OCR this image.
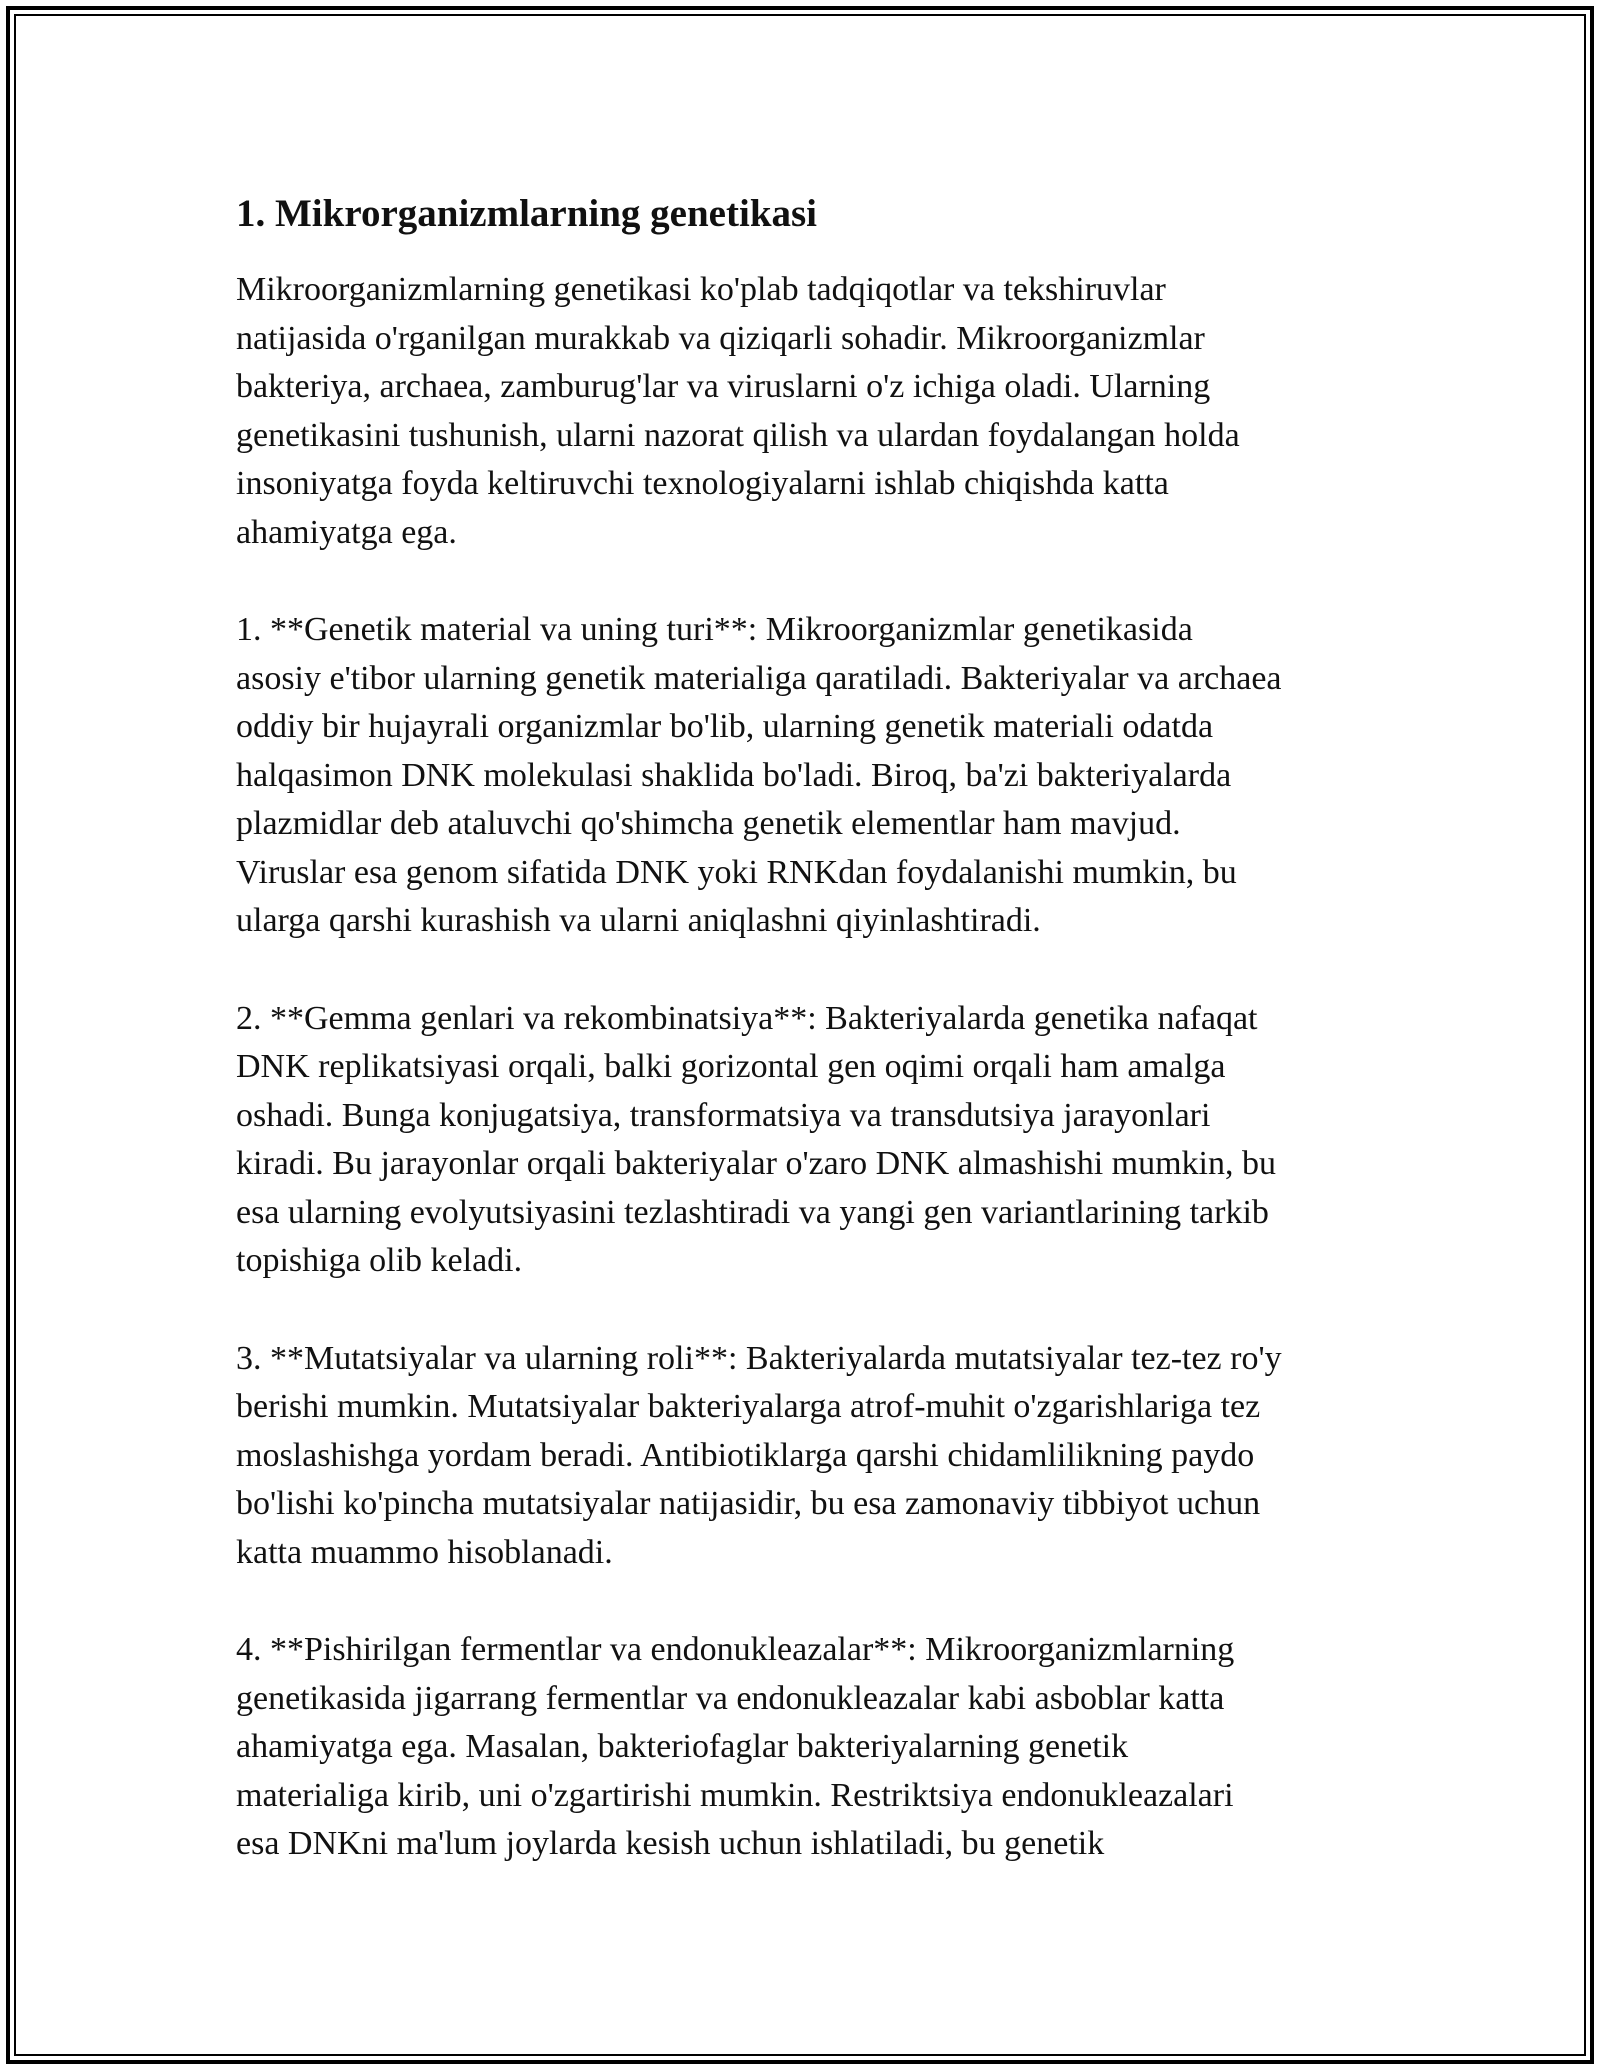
1. Mikrorganizmlarning genetikasi

Mikroorganizmlarning genetikasi ko'plab tadqiqotlar va tekshiruvlar
natijasida o'rganilgan murakkab va qiziqarli sohadir. Mikroorganizmlar
bakteriya, archaea, zamburug'lar va viruslarni o'z ichiga oladi. Ularning
genetikasini tushunish, ularni nazorat qilish va ulardan foydalangan holda
insoniyatga foyda keltiruvchi texnologiyalarni ishlab chiqishda katta
ahamiyatga ega.

1. **Genetik material va uning turi**: Mikroorganizmlar genetikasida
asosiy e'tibor ularning genetik materialiga qaratiladi. Bakteriyalar va archaea
oddiy bir hujayrali organizmlar bo'lib, ularning genetik materiali odatda
halqasimon DNK molekulasi shaklida bo'ladi. Biroq, ba'zi bakteriyalarda
plazmidlar deb ataluvchi qo'shimcha genetik elementlar ham mavjud.
Viruslar esa genom sifatida DNK yoki RNKdan foydalanishi mumkin, bu
ularga qarshi kurashish va ularni aniqlashni qiyinlashtiradi.

2. **Gemma genlari va rekombinatsiya**: Bakteriyalarda genetika nafaqat
DNK replikatsiyasi orqali, balki gorizontal gen oqimi orqali ham amalga
oshadi. Bunga konjugatsiya, transformatsiya va transdutsiya jarayonlari
kiradi. Bu jarayonlar orqali bakteriyalar o'zaro DNK almashishi mumkin, bu
esa ularning evolyutsiyasini tezlashtiradi va yangi gen variantlarining tarkib
topishiga olib keladi.

3. **Mutatsiyalar va ularning roli**: Bakteriyalarda mutatsiyalar tez-tez ro'y
berishi mumkin. Mutatsiyalar bakteriyalarga atrof-muhit o'zgarishlariga tez
moslashishga yordam beradi. Antibiotiklarga qarshi chidamlilikning paydo
bo'lishi ko'pincha mutatsiyalar natijasidir, bu esa zamonaviy tibbiyot uchun
katta muammo hisoblanadi.

4. **Pishirilgan fermentlar va endonukleazalar**: Mikroorganizmlarning
genetikasida jigarrang fermentlar va endonukleazalar kabi asboblar katta
ahamiyatga ega. Masalan, bakteriofaglar bakteriyalarning genetik
materialiga kirib, uni o'zgartirishi mumkin. Restriktsiya endonukleazalari
esa DNKni ma'lum joylarda kesish uchun ishlatiladi, bu genetik
